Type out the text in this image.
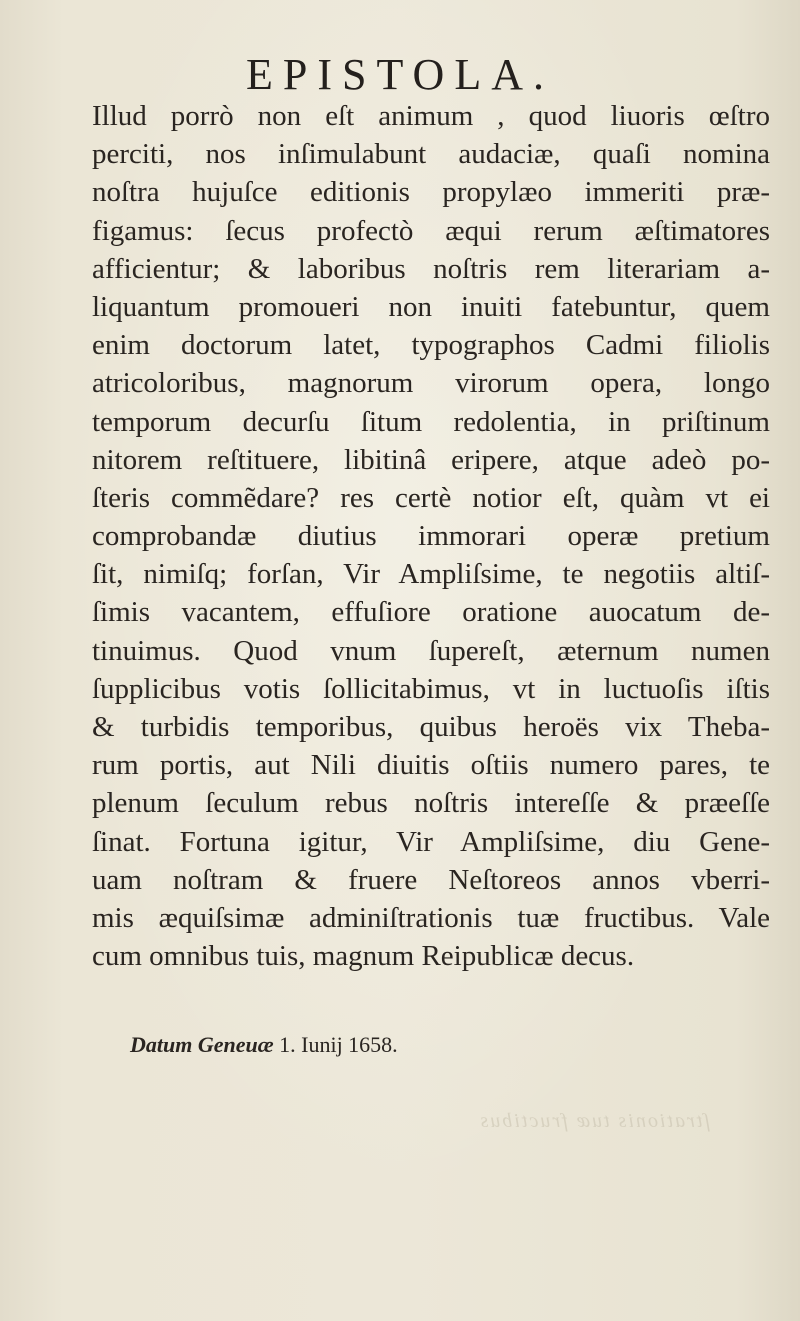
EPISTOLA.
Illud porrò non eſt animum , quod liuoris œſtro
perciti, nos inſimulabunt audaciæ, quaſi nomina
noſtra hujuſce editionis propylæo immeriti præ-
figamus: ſecus profectò æqui rerum æſtimatores
afficientur; & laboribus noſtris rem literariam a-
liquantum promoueri non inuiti fatebuntur, quem
enim doctorum latet, typographos Cadmi filiolis
atricoloribus, magnorum virorum opera, longo
temporum decurſu ſitum redolentia, in priſtinum
nitorem reſtituere, libitinâ eripere, atque adeò po-
ſteris commẽdare? res certè notior eſt, quàm vt ei
comprobandæ diutius immorari operæ pretium
ſit, nimiſq; forſan, Vir Ampliſsime, te negotiis altiſ-
ſimis vacantem, effuſiore oratione auocatum de-
tinuimus. Quod vnum ſupereſt, æternum numen
ſupplicibus votis ſollicitabimus, vt in luctuoſis iſtis
& turbidis temporibus, quibus heroës vix Theba-
rum portis, aut Nili diuitis oſtiis numero pares, te
plenum ſeculum rebus noſtris intereſſe & præeſſe
ſinat. Fortuna igitur, Vir Ampliſsime, diu Gene-
uam noſtram & fruere Neſtoreos annos vberri-
mis æquiſsimæ adminiſtrationis tuæ fructibus. Vale
cum omnibus tuis, magnum Reipublicæ decus.
Datum Geneuæ 1. Iunij 1658.
ſtrationis tuæ fructibus
